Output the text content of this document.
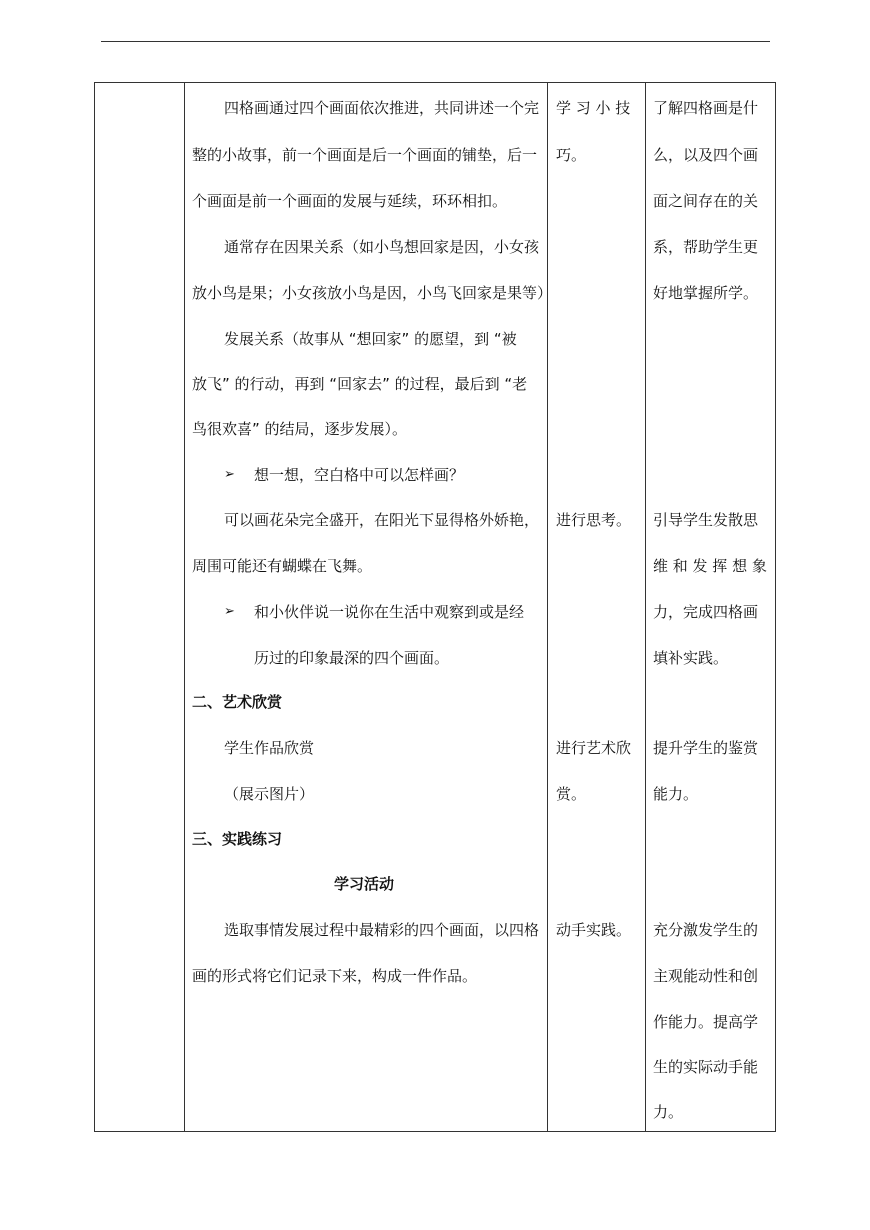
四格画通过四个画面依次推进，共同讲述一个完
整的小故事，前一个画面是后一个画面的铺垫，后一
个画面是前一个画面的发展与延续，环环相扣。
通常存在因果关系（如小鸟想回家是因，小女孩
放小鸟是果；小女孩放小鸟是因，小鸟飞回家是果等）
发展关系（故事从 “想回家” 的愿望，到 “被
放飞” 的行动，再到 “回家去” 的过程，最后到 “老
鸟很欢喜” 的结局，逐步发展）。
➢ 想一想，空白格中可以怎样画？
可以画花朵完全盛开，在阳光下显得格外娇艳，
周围可能还有蝴蝶在飞舞。
➢ 和小伙伴说一说你在生活中观察到或是经
历过的印象最深的四个画面。
二、艺术欣赏
学生作品欣赏
（展示图片）
三、实践练习
学习活动
选取事情发展过程中最精彩的四个画面，以四格
画的形式将它们记录下来，构成一件作品。
学 习 小 技
巧。
进行思考。
进行艺术欣
赏。
动手实践。
了解四格画是什
么，以及四个画
面之间存在的关
系，帮助学生更
好地掌握所学。
引导学生发散思
维 和 发 挥 想 象
力，完成四格画
填补实践。
提升学生的鉴赏
能力。
充分激发学生的
主观能动性和创
作能力。提高学
生的实际动手能
力。
